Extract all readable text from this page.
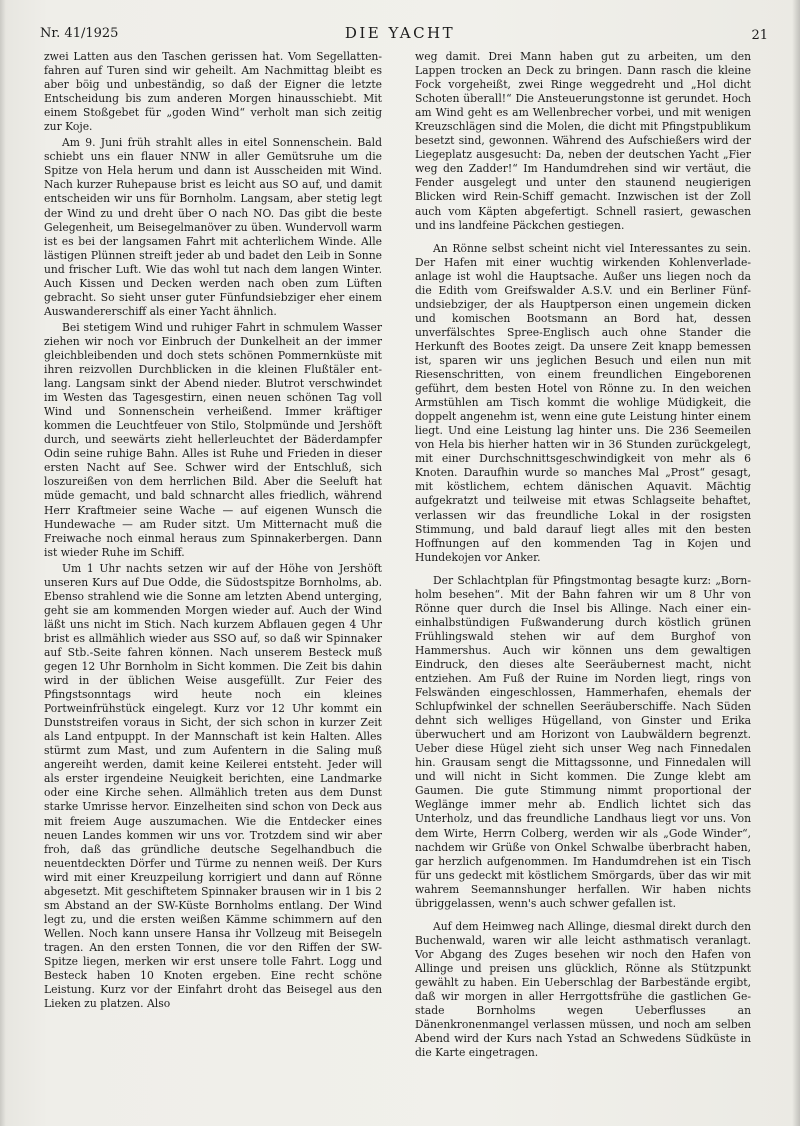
Nr. 41/1925	DIE YACHT	21

zwei Latten aus den Taschen gerissen hat. Vom Segellattenfahren auf Turen sind wir geheilt. Am Nachmittag bleibt es aber böig und unbeständig, so daß der Eigner die letzte Entscheidung bis zum anderen Morgen hinausschiebt. Mit einem Stoßgebet für „goden Wind“ verholt man sich zeitig zur Koje.

Am 9. Juni früh strahlt alles in eitel Sonnenschein. Bald schiebt uns ein flauer NNW in aller Gemütsruhe um die Spitze von Hela herum und dann ist Ausscheiden mit Wind. Nach kurzer Ruhepause brist es leicht aus SO auf, und damit entscheiden wir uns für Bornholm. Langsam, aber stetig legt der Wind zu und dreht über O nach NO. Das gibt die beste Gelegenheit, um Beisegelmanöver zu üben. Wundervoll warm ist es bei der langsamen Fahrt mit achterlichem Winde. Alle lästigen Plünnen streift jeder ab und badet den Leib in Sonne und frischer Luft. Wie das wohl tut nach dem langen Winter. Auch Kissen und Decken werden nach oben zum Lüften gebracht. So sieht unser guter Fünfundsiebziger eher einem Auswandererschiff als einer Yacht ähnlich.

Bei stetigem Wind und ruhiger Fahrt in schmulem Wasser ziehen wir noch vor Einbruch der Dunkelheit an der immer gleichbleibenden und doch stets schönen Pommernküste mit ihren reizvollen Durchblicken in die kleinen Flußtäler entlang. Langsam sinkt der Abend nieder. Blutrot verschwindet im Westen das Tagesgestirn, einen neuen schönen Tag voll Wind und Sonnenschein verheißend. Immer kräftiger kommen die Leuchtfeuer von Stilo, Stolpmünde und Jershöft durch, und seewärts zieht hellerleuchtet der Bäderdampfer Odin seine ruhige Bahn. Alles ist Ruhe und Frieden in dieser ersten Nacht auf See. Schwer wird der Entschluß, sich loszureißen von dem herrlichen Bild. Aber die Seeluft hat müde gemacht, und bald schnarcht alles friedlich, während Herr Kraftmeier seine Wache — auf eigenen Wunsch die Hundewache — am Ruder sitzt. Um Mitternacht muß die Freiwache noch einmal heraus zum Spinnakerbergen. Dann ist wieder Ruhe im Schiff.

Um 1 Uhr nachts setzen wir auf der Höhe von Jershöft unseren Kurs auf Due Odde, die Südostspitze Bornholms, ab. Ebenso strahlend wie die Sonne am letzten Abend unterging, geht sie am kommenden Morgen wieder auf. Auch der Wind läßt uns nicht im Stich. Nach kurzem Abflauen gegen 4 Uhr brist es allmählich wieder aus SSO auf, so daß wir Spinnaker auf Stb.-Seite fahren können. Nach unserem Besteck muß gegen 12 Uhr Bornholm in Sicht kommen. Die Zeit bis dahin wird in der üblichen Weise ausgefüllt. Zur Feier des Pfingstsonntags wird heute noch ein kleines Portweinfrühstück eingelegt. Kurz vor 12 Uhr kommt ein Dunststreifen voraus in Sicht, der sich schon in kurzer Zeit als Land entpuppt. In der Mannschaft ist kein Halten. Alles stürmt zum Mast, und zum Aufentern in die Saling muß angereiht werden, damit keine Keilerei entsteht. Jeder will als erster irgendeine Neuigkeit berichten, eine Landmarke oder eine Kirche sehen. Allmählich treten aus dem Dunst starke Umrisse hervor. Einzelheiten sind schon von Deck aus mit freiem Auge auszumachen. Wie die Entdecker eines neuen Landes kommen wir uns vor. Trotzdem sind wir aber froh, daß das gründliche deutsche Segelhandbuch die neuentdeckten Dörfer und Türme zu nennen weiß. Der Kurs wird mit einer Kreuzpeilung korrigiert und dann auf Rönne abgesetzt. Mit geschiftetem Spinnaker brausen wir in 1 bis 2 sm Abstand an der SW-Küste Bornholms entlang. Der Wind legt zu, und die ersten weißen Kämme schimmern auf den Wellen. Noch kann unsere Hansa ihr Vollzeug mit Beisegeln tragen. An den ersten Tonnen, die vor den Riffen der SW-Spitze liegen, merken wir erst unsere tolle Fahrt. Logg und Besteck haben 10 Knoten ergeben. Eine recht schöne Leistung. Kurz vor der Einfahrt droht das Beisegel aus den Lieken zu platzen. Also

weg damit. Drei Mann haben gut zu arbeiten, um den Lappen trocken an Deck zu bringen. Dann rasch die kleine Fock vorgeheißt, zwei Ringe weggedreht und „Hol dicht Schoten überall!“ Die Ansteuerungstonne ist gerundet. Hoch am Wind geht es am Wellenbrecher vorbei, und mit wenigen Kreuzschlägen sind die Molen, die dicht mit Pfingstpublikum besetzt sind, gewonnen. Während des Aufschießers wird der Liegeplatz ausgesucht: Da, neben der deutschen Yacht „Fier weg den Zadder!“ Im Handumdrehen sind wir vertäut, die Fender ausgelegt und unter den staunend neugierigen Blicken wird Rein-Schiff gemacht. Inzwischen ist der Zoll auch vom Käpten abgefertigt. Schnell rasiert, gewaschen und ins landfeine Päckchen gestiegen.

An Rönne selbst scheint nicht viel Interessantes zu sein. Der Hafen mit einer wuchtig wirkenden Kohlenverladeanlage ist wohl die Hauptsache. Außer uns liegen noch da die Edith vom Greifswalder A.S.V. und ein Berliner Fünfundsiebziger, der als Hauptperson einen ungemein dicken und komischen Bootsmann an Bord hat, dessen unverfälschtes Spree-Englisch auch ohne Stander die Herkunft des Bootes zeigt. Da unsere Zeit knapp bemessen ist, sparen wir uns jeglichen Besuch und eilen nun mit Riesenschritten, von einem freundlichen Eingeborenen geführt, dem besten Hotel von Rönne zu. In den weichen Armstühlen am Tisch kommt die wohlige Müdigkeit, die doppelt angenehm ist, wenn eine gute Leistung hinter einem liegt. Und eine Leistung lag hinter uns. Die 236 Seemeilen von Hela bis hierher hatten wir in 36 Stunden zurückgelegt, mit einer Durchschnittsgeschwindigkeit von mehr als 6 Knoten. Daraufhin wurde so manches Mal „Prost“ gesagt, mit köstlichem, echtem dänischen Aquavit. Mächtig aufgekratzt und teilweise mit etwas Schlagseite behaftet, verlassen wir das freundliche Lokal in der rosigsten Stimmung, und bald darauf liegt alles mit den besten Hoffnungen auf den kommenden Tag in Kojen und Hundekojen vor Anker.

Der Schlachtplan für Pfingstmontag besagte kurz: „Bornholm besehen“. Mit der Bahn fahren wir um 8 Uhr von Rönne quer durch die Insel bis Allinge. Nach einer eineinhalbstündigen Fußwanderung durch köstlich grünen Frühlingswald stehen wir auf dem Burghof von Hammershus. Auch wir können uns dem gewaltigen Eindruck, den dieses alte Seeräubernest macht, nicht entziehen. Am Fuß der Ruine im Norden liegt, rings von Felswänden eingeschlossen, Hammerhafen, ehemals der Schlupfwinkel der schnellen Seeräuberschiffe. Nach Süden dehnt sich welliges Hügelland, von Ginster und Erika überwuchert und am Horizont von Laubwäldern begrenzt. Ueber diese Hügel zieht sich unser Weg nach Finnedalen hin. Grausam sengt die Mittagssonne, und Finnedalen will und will nicht in Sicht kommen. Die Zunge klebt am Gaumen. Die gute Stimmung nimmt proportional der Weglänge immer mehr ab. Endlich lichtet sich das Unterholz, und das freundliche Landhaus liegt vor uns. Von dem Wirte, Herrn Colberg, werden wir als „Gode Winder“, nachdem wir Grüße von Onkel Schwalbe überbracht haben, gar herzlich aufgenommen. Im Handumdrehen ist ein Tisch für uns gedeckt mit köstlichem Smörgards, über das wir mit wahrem Seemannshunger herfallen. Wir haben nichts übriggelassen, wenn's auch schwer gefallen ist.

Auf dem Heimweg nach Allinge, diesmal direkt durch den Buchenwald, waren wir alle leicht asthmatisch veranlagt. Vor Abgang des Zuges besehen wir noch den Hafen von Allinge und preisen uns glücklich, Rönne als Stützpunkt gewählt zu haben. Ein Ueberschlag der Barbestände ergibt, daß wir morgen in aller Herrgottsfrühe die gastlichen Gestade Bornholms wegen Ueberflusses an Dänenkronenmangel verlassen müssen, und noch am selben Abend wird der Kurs nach Ystad an Schwedens Südküste in die Karte eingetragen.
